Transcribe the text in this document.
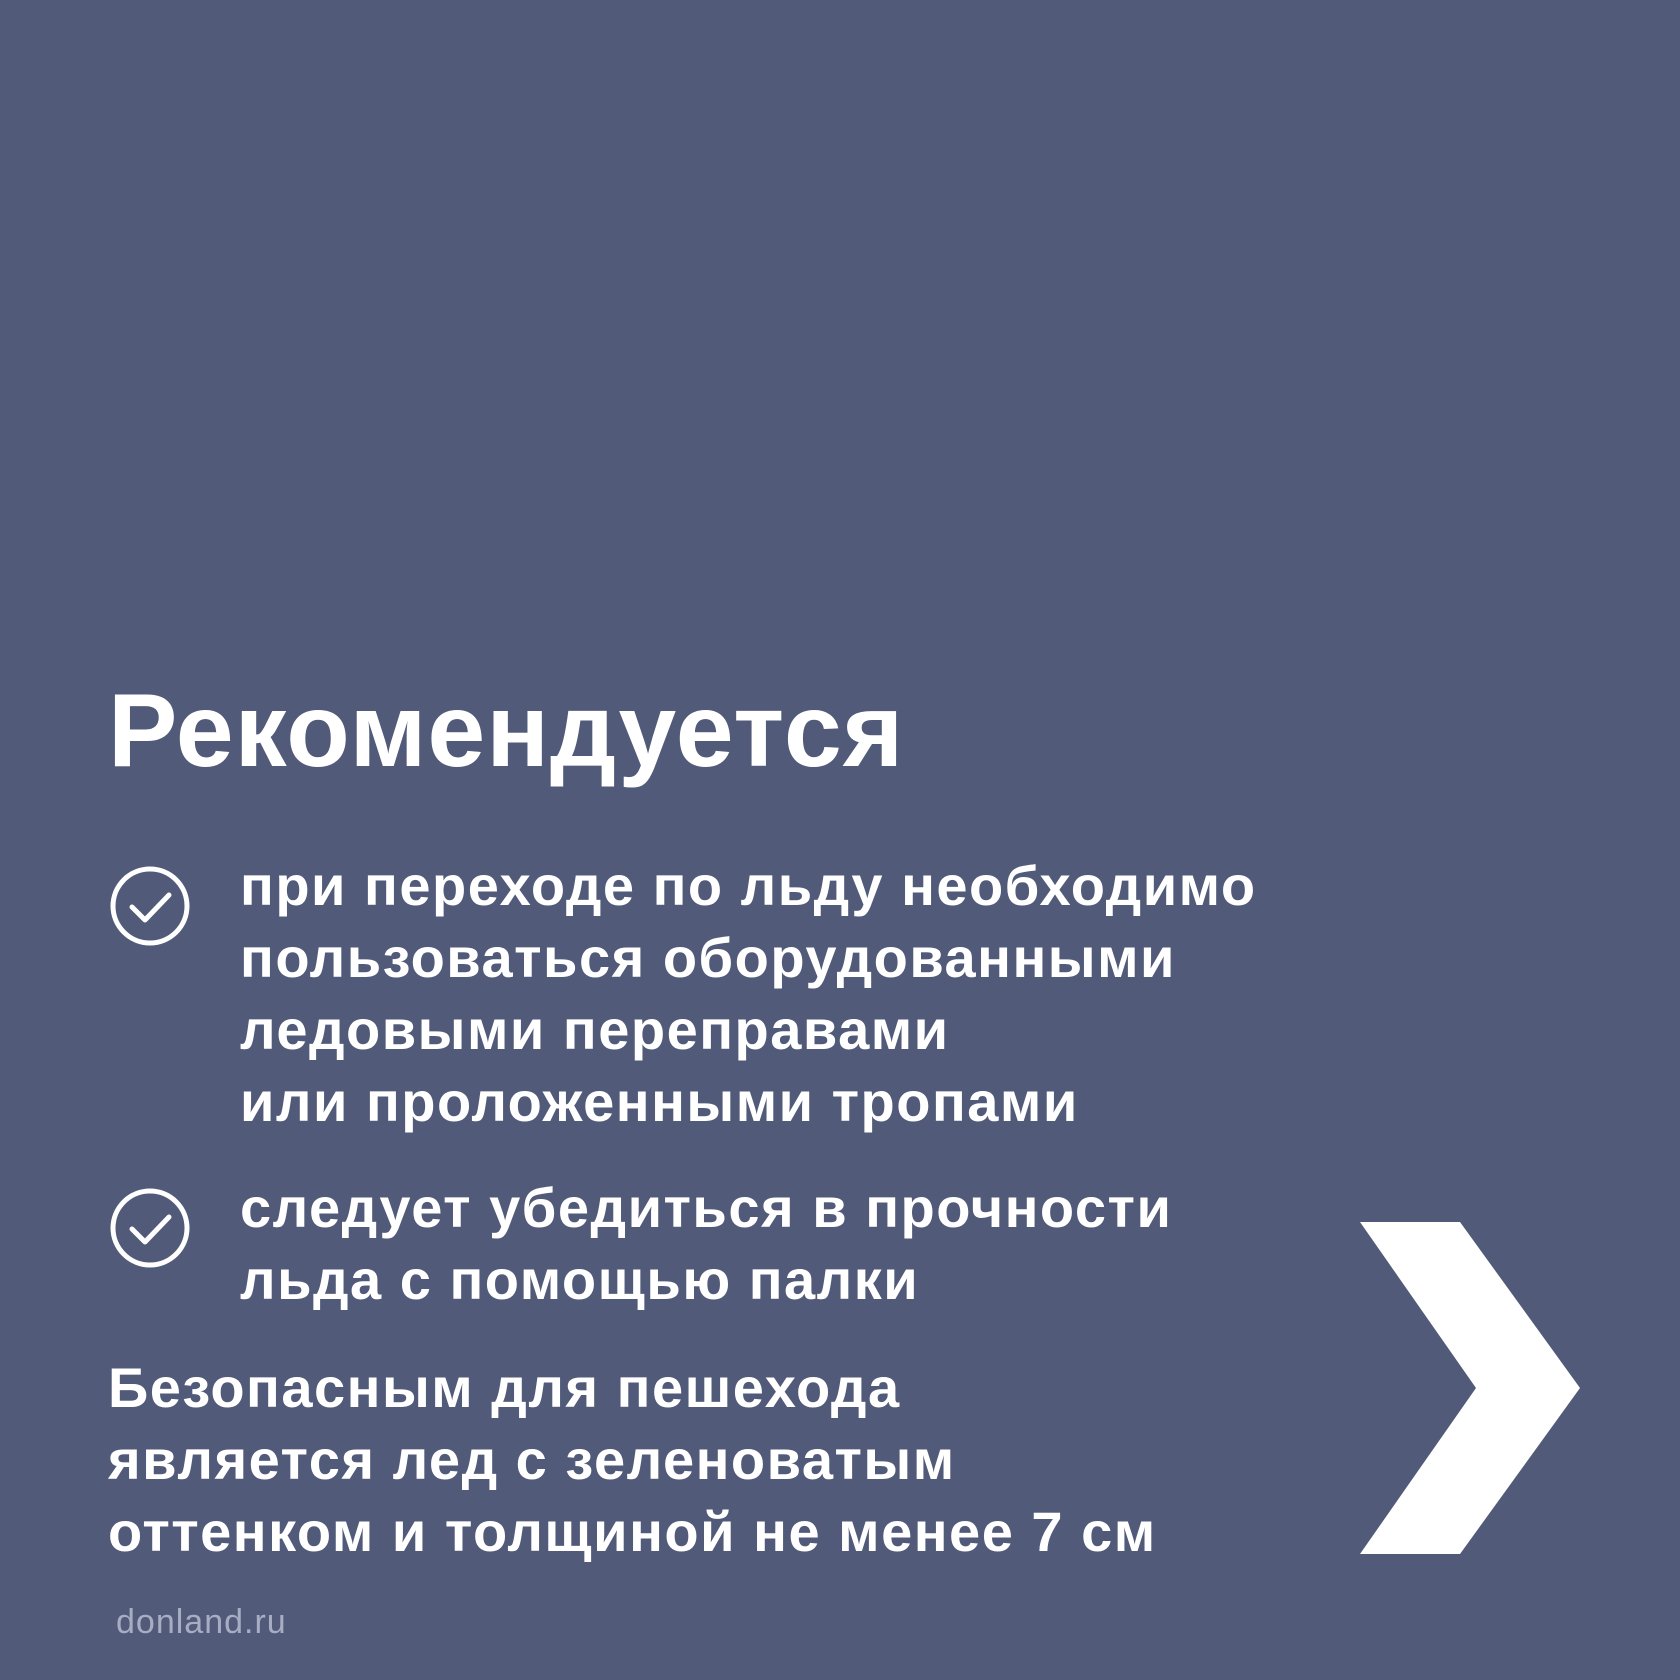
Рекомендуется
при переходе по льду необходимо
пользоваться оборудованными
ледовыми переправами
или проложенными тропами
следует убедиться в прочности
льда с помощью палки
Безопасным для пешехода
является лед с зеленоватым
оттенком и толщиной не менее 7 см
donland.ru
